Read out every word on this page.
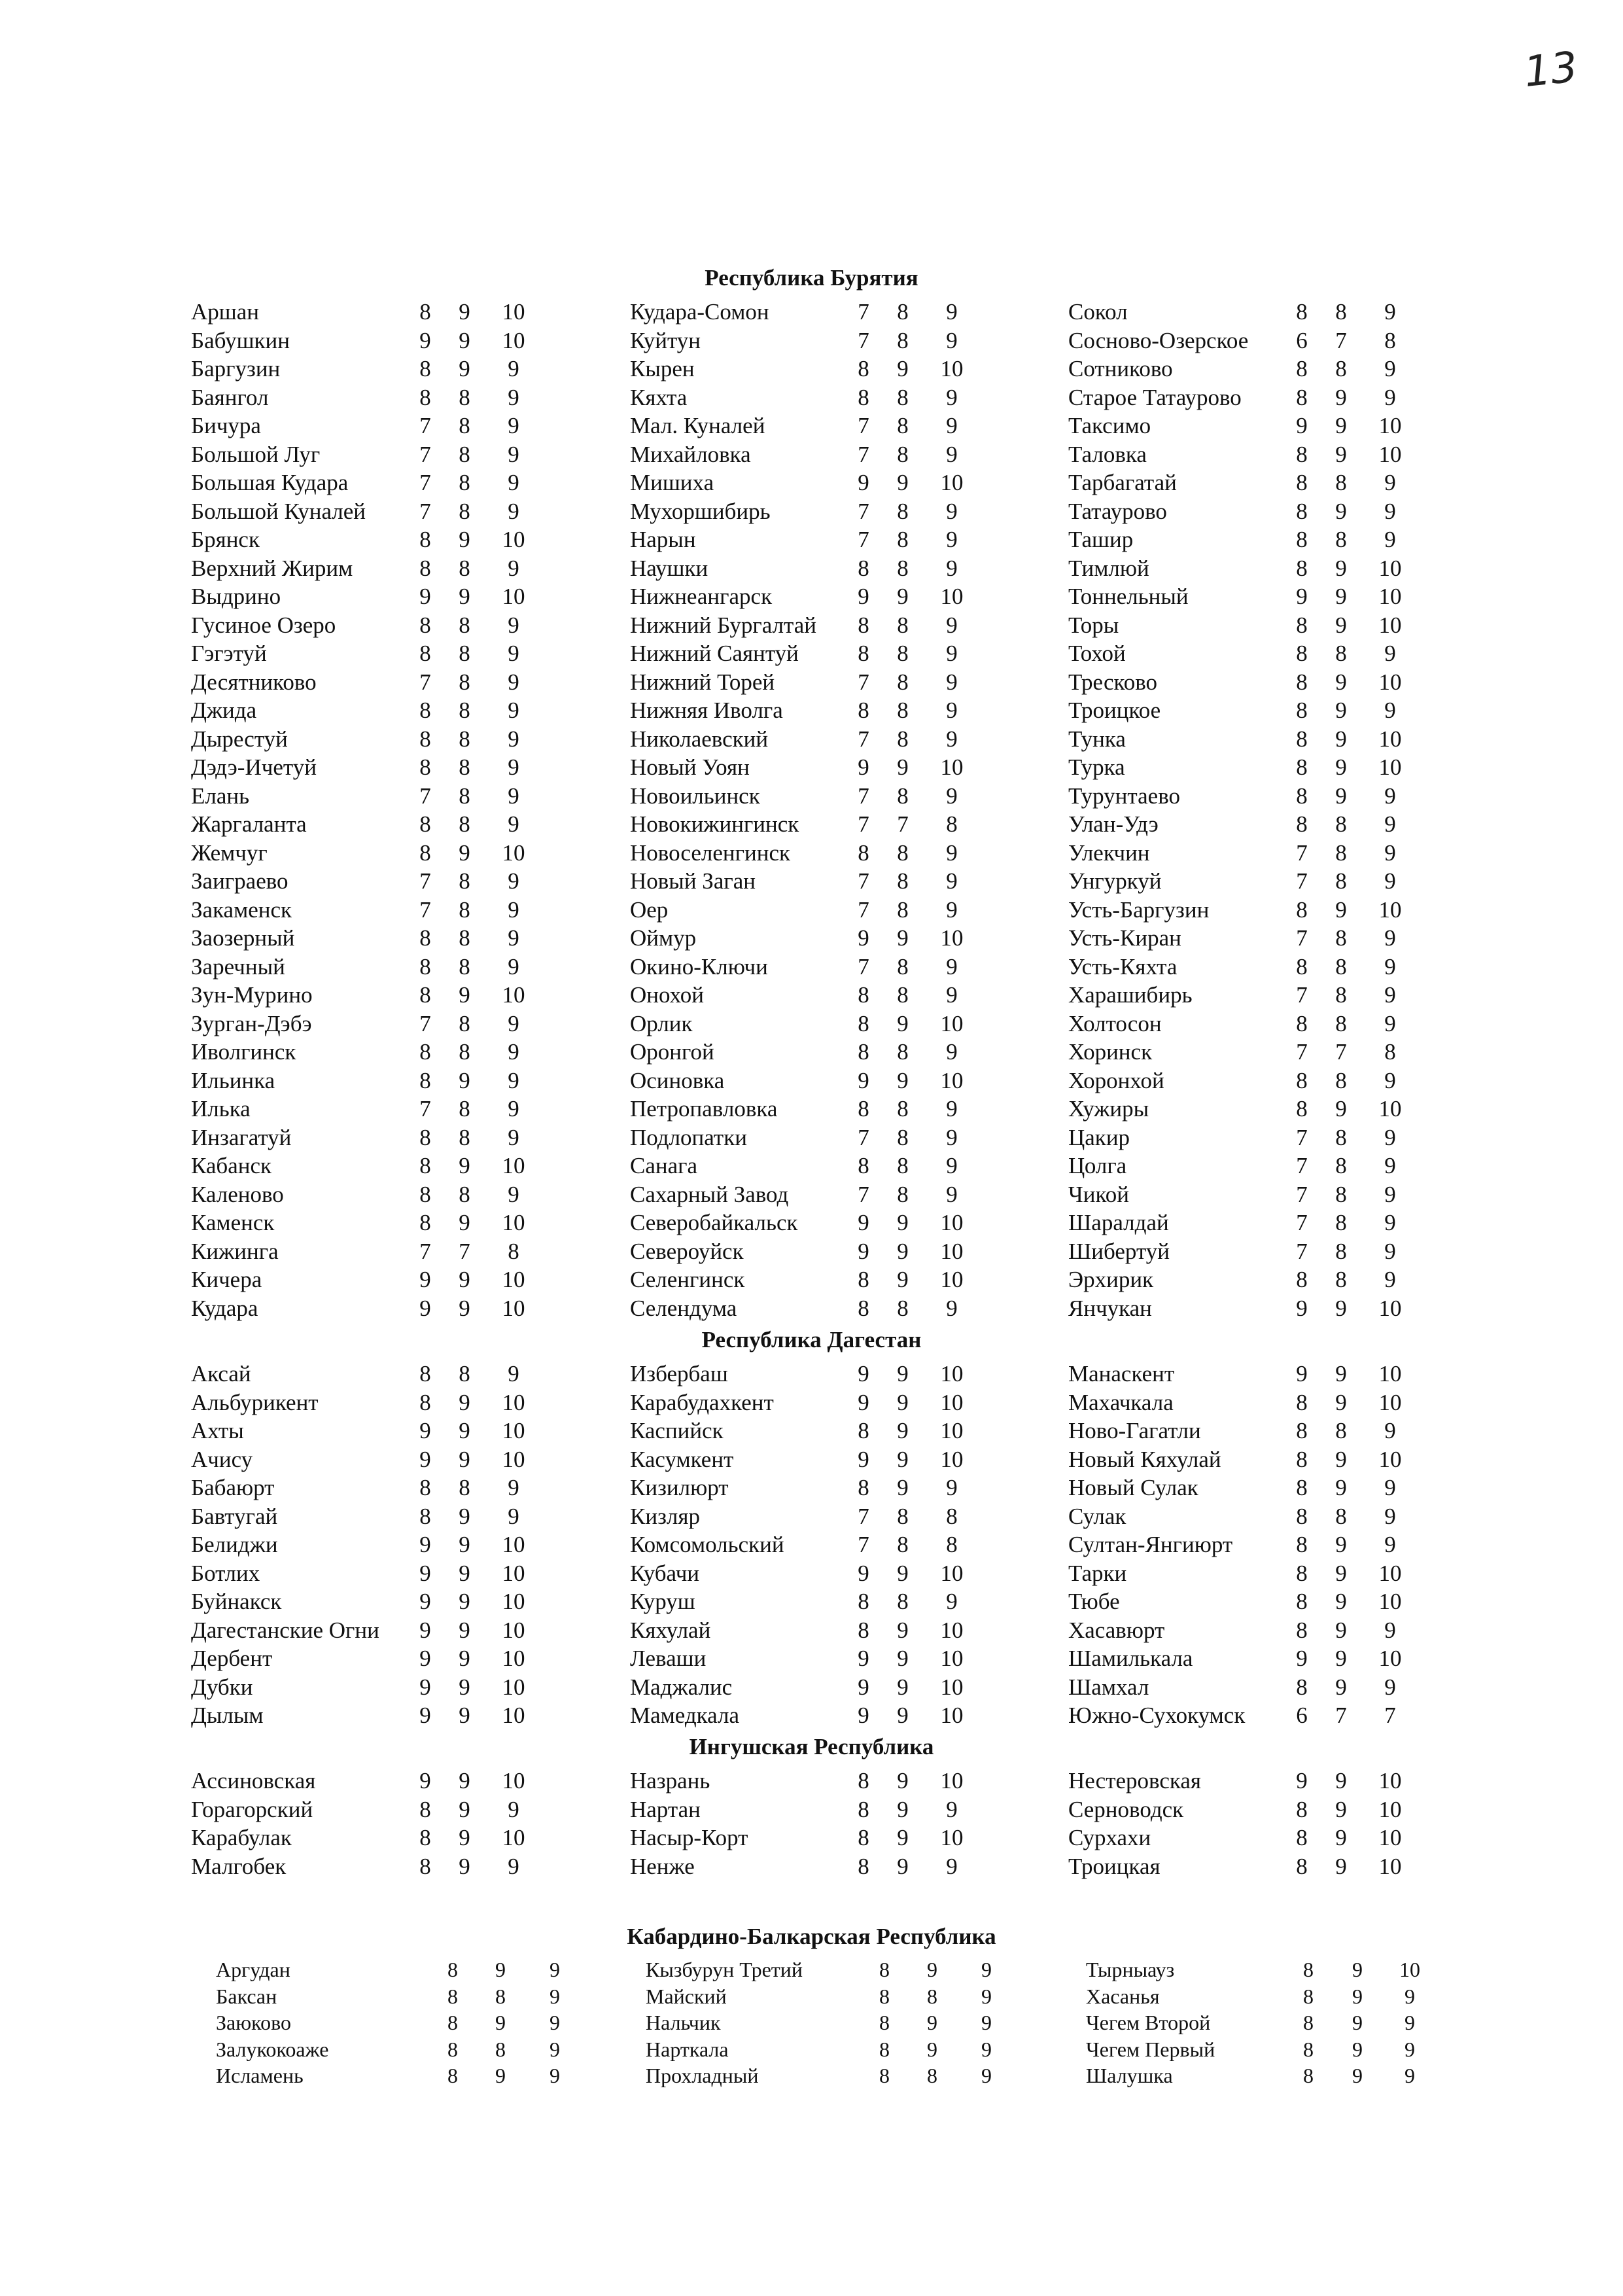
13
Республика Бурятия
Аршан	8	9	10	Кудара-Сомон	7	8	9	Сокол	8	8	9
Бабушкин	9	9	10	Куйтун	7	8	9	Сосново-Озерское	6	7	8
Баргузин	8	9	9	Кырен	8	9	10	Сотниково	8	8	9
Баянгол	8	8	9	Кяхта	8	8	9	Старое Татаурово	8	9	9
Бичура	7	8	9	Мал. Куналей	7	8	9	Таксимо	9	9	10
Большой Луг	7	8	9	Михайловка	7	8	9	Таловка	8	9	10
Большая Кудара	7	8	9	Мишиха	9	9	10	Тарбагатай	8	8	9
Большой Куналей	7	8	9	Мухоршибирь	7	8	9	Татаурово	8	9	9
Брянск	8	9	10	Нарын	7	8	9	Ташир	8	8	9
Верхний Жирим	8	8	9	Наушки	8	8	9	Тимлюй	8	9	10
Выдрино	9	9	10	Нижнеангарск	9	9	10	Тоннельный	9	9	10
Гусиное Озеро	8	8	9	Нижний Бургалтай	8	8	9	Торы	8	9	10
Гэгэтуй	8	8	9	Нижний Саянтуй	8	8	9	Тохой	8	8	9
Десятниково	7	8	9	Нижний Торей	7	8	9	Тресково	8	9	10
Джида	8	8	9	Нижняя Иволга	8	8	9	Троицкое	8	9	9
Дырестуй	8	8	9	Николаевский	7	8	9	Тунка	8	9	10
Дэдэ-Ичетуй	8	8	9	Новый Уоян	9	9	10	Турка	8	9	10
Елань	7	8	9	Новоильинск	7	8	9	Турунтаево	8	9	9
Жаргаланта	8	8	9	Новокижингинск	7	7	8	Улан-Удэ	8	8	9
Жемчуг	8	9	10	Новоселенгинск	8	8	9	Улекчин	7	8	9
Заиграево	7	8	9	Новый Заган	7	8	9	Унгуркуй	7	8	9
Закаменск	7	8	9	Оер	7	8	9	Усть-Баргузин	8	9	10
Заозерный	8	8	9	Оймур	9	9	10	Усть-Киран	7	8	9
Заречный	8	8	9	Окино-Ключи	7	8	9	Усть-Кяхта	8	8	9
Зун-Мурино	8	9	10	Онохой	8	8	9	Харашибирь	7	8	9
Зурган-Дэбэ	7	8	9	Орлик	8	9	10	Холтосон	8	8	9
Иволгинск	8	8	9	Оронгой	8	8	9	Хоринск	7	7	8
Ильинка	8	9	9	Осиновка	9	9	10	Хоронхой	8	8	9
Илька	7	8	9	Петропавловка	8	8	9	Хужиры	8	9	10
Инзагатуй	8	8	9	Подлопатки	7	8	9	Цакир	7	8	9
Кабанск	8	9	10	Санага	8	8	9	Цолга	7	8	9
Каленово	8	8	9	Сахарный Завод	7	8	9	Чикой	7	8	9
Каменск	8	9	10	Северобайкальск	9	9	10	Шаралдай	7	8	9
Кижинга	7	7	8	Североуйск	9	9	10	Шибертуй	7	8	9
Кичера	9	9	10	Селенгинск	8	9	10	Эрхирик	8	8	9
Кудара	9	9	10	Селендума	8	8	9	Янчукан	9	9	10
Республика Дагестан
Аксай	8	8	9	Избербаш	9	9	10	Манаскент	9	9	10
Альбурикент	8	9	10	Карабудахкент	9	9	10	Махачкала	8	9	10
Ахты	9	9	10	Каспийск	8	9	10	Ново-Гагатли	8	8	9
Ачису	9	9	10	Касумкент	9	9	10	Новый Кяхулай	8	9	10
Бабаюрт	8	8	9	Кизилюрт	8	9	9	Новый Сулак	8	9	9
Бавтугай	8	9	9	Кизляр	7	8	8	Сулак	8	8	9
Белиджи	9	9	10	Комсомольский	7	8	8	Султан-Янгиюрт	8	9	9
Ботлих	9	9	10	Кубачи	9	9	10	Тарки	8	9	10
Буйнакск	9	9	10	Куруш	8	8	9	Тюбе	8	9	10
Дагестанские Огни	9	9	10	Кяхулай	8	9	10	Хасавюрт	8	9	9
Дербент	9	9	10	Леваши	9	9	10	Шамилькала	9	9	10
Дубки	9	9	10	Маджалис	9	9	10	Шамхал	8	9	9
Дылым	9	9	10	Мамедкала	9	9	10	Южно-Сухокумск	6	7	7
Ингушская Республика
Ассиновская	9	9	10	Назрань	8	9	10	Нестеровская	9	9	10
Горагорский	8	9	9	Нартан	8	9	9	Серноводск	8	9	10
Карабулак	8	9	10	Насыр-Корт	8	9	10	Сурхахи	8	9	10
Малгобек	8	9	9	Ненже	8	9	9	Троицкая	8	9	10
Кабардино-Балкарская Республика
Аргудан	8	9	9	Кызбурун Третий	8	9	9	Тырныауз	8	9	10
Баксан	8	8	9	Майский	8	8	9	Хасанья	8	9	9
Заюково	8	9	9	Нальчик	8	9	9	Чегем Второй	8	9	9
Залукокоаже	8	8	9	Нарткала	8	9	9	Чегем Первый	8	9	9
Исламень	8	9	9	Прохладный	8	8	9	Шалушка	8	9	9
